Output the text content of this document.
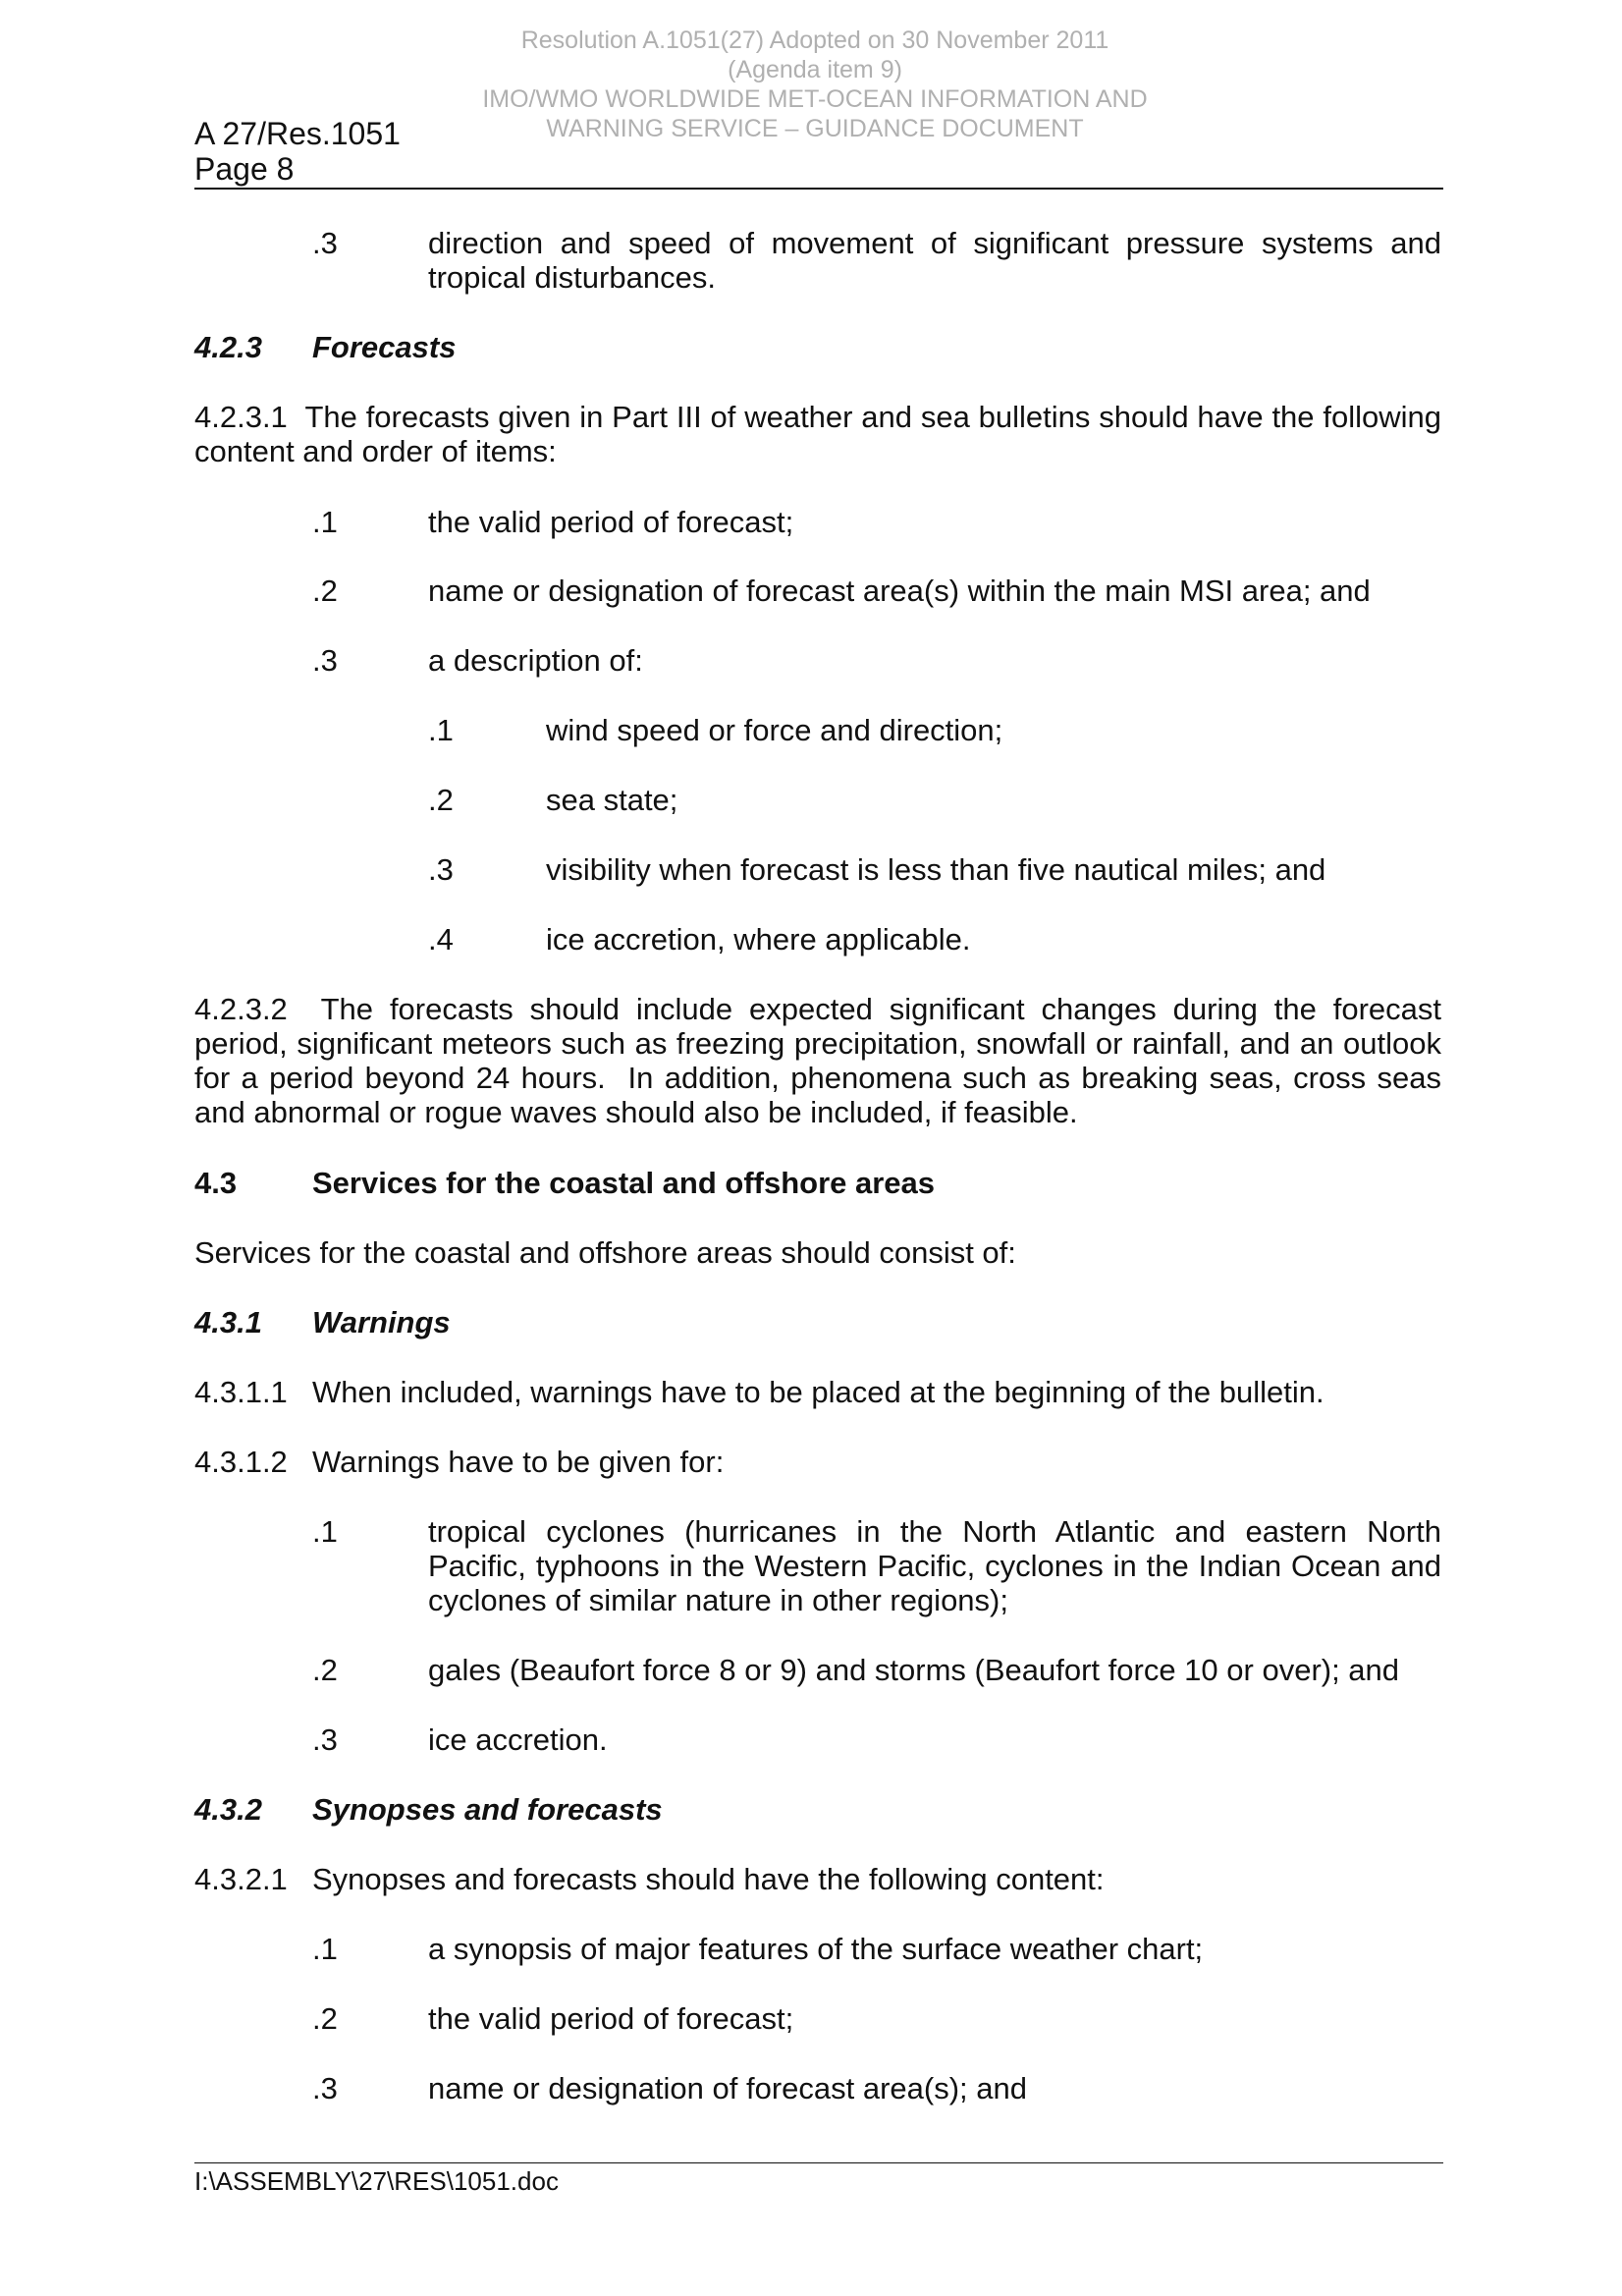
Resolution A.1051(27) Adopted on 30 November 2011
(Agenda item 9)
IMO/WMO WORLDWIDE MET-OCEAN INFORMATION AND
WARNING SERVICE – GUIDANCE DOCUMENT
A 27/Res.1051
Page 8
.3	direction and speed of movement of significant pressure systems and tropical disturbances.
4.2.3 Forecasts
4.2.3.1  The forecasts given in Part III of weather and sea bulletins should have the following content and order of items:
.1	the valid period of forecast;
.2	name or designation of forecast area(s) within the main MSI area; and
.3	a description of:
.1	wind speed or force and direction;
.2	sea state;
.3	visibility when forecast is less than five nautical miles; and
.4	ice accretion, where applicable.
4.2.3.2  The forecasts should include expected significant changes during the forecast period, significant meteors such as freezing precipitation, snowfall or rainfall, and an outlook for a period beyond 24 hours.  In addition, phenomena such as breaking seas, cross seas and abnormal or rogue waves should also be included, if feasible.
4.3 Services for the coastal and offshore areas
Services for the coastal and offshore areas should consist of:
4.3.1 Warnings
4.3.1.1 When included, warnings have to be placed at the beginning of the bulletin.
4.3.1.2 Warnings have to be given for:
.1	tropical cyclones (hurricanes in the North Atlantic and eastern North Pacific, typhoons in the Western Pacific, cyclones in the Indian Ocean and cyclones of similar nature in other regions);
.2	gales (Beaufort force 8 or 9) and storms (Beaufort force 10 or over); and
.3	ice accretion.
4.3.2 Synopses and forecasts
4.3.2.1 Synopses and forecasts should have the following content:
.1	a synopsis of major features of the surface weather chart;
.2	the valid period of forecast;
.3	name or designation of forecast area(s); and
I:\ASSEMBLY\27\RES\1051.doc
